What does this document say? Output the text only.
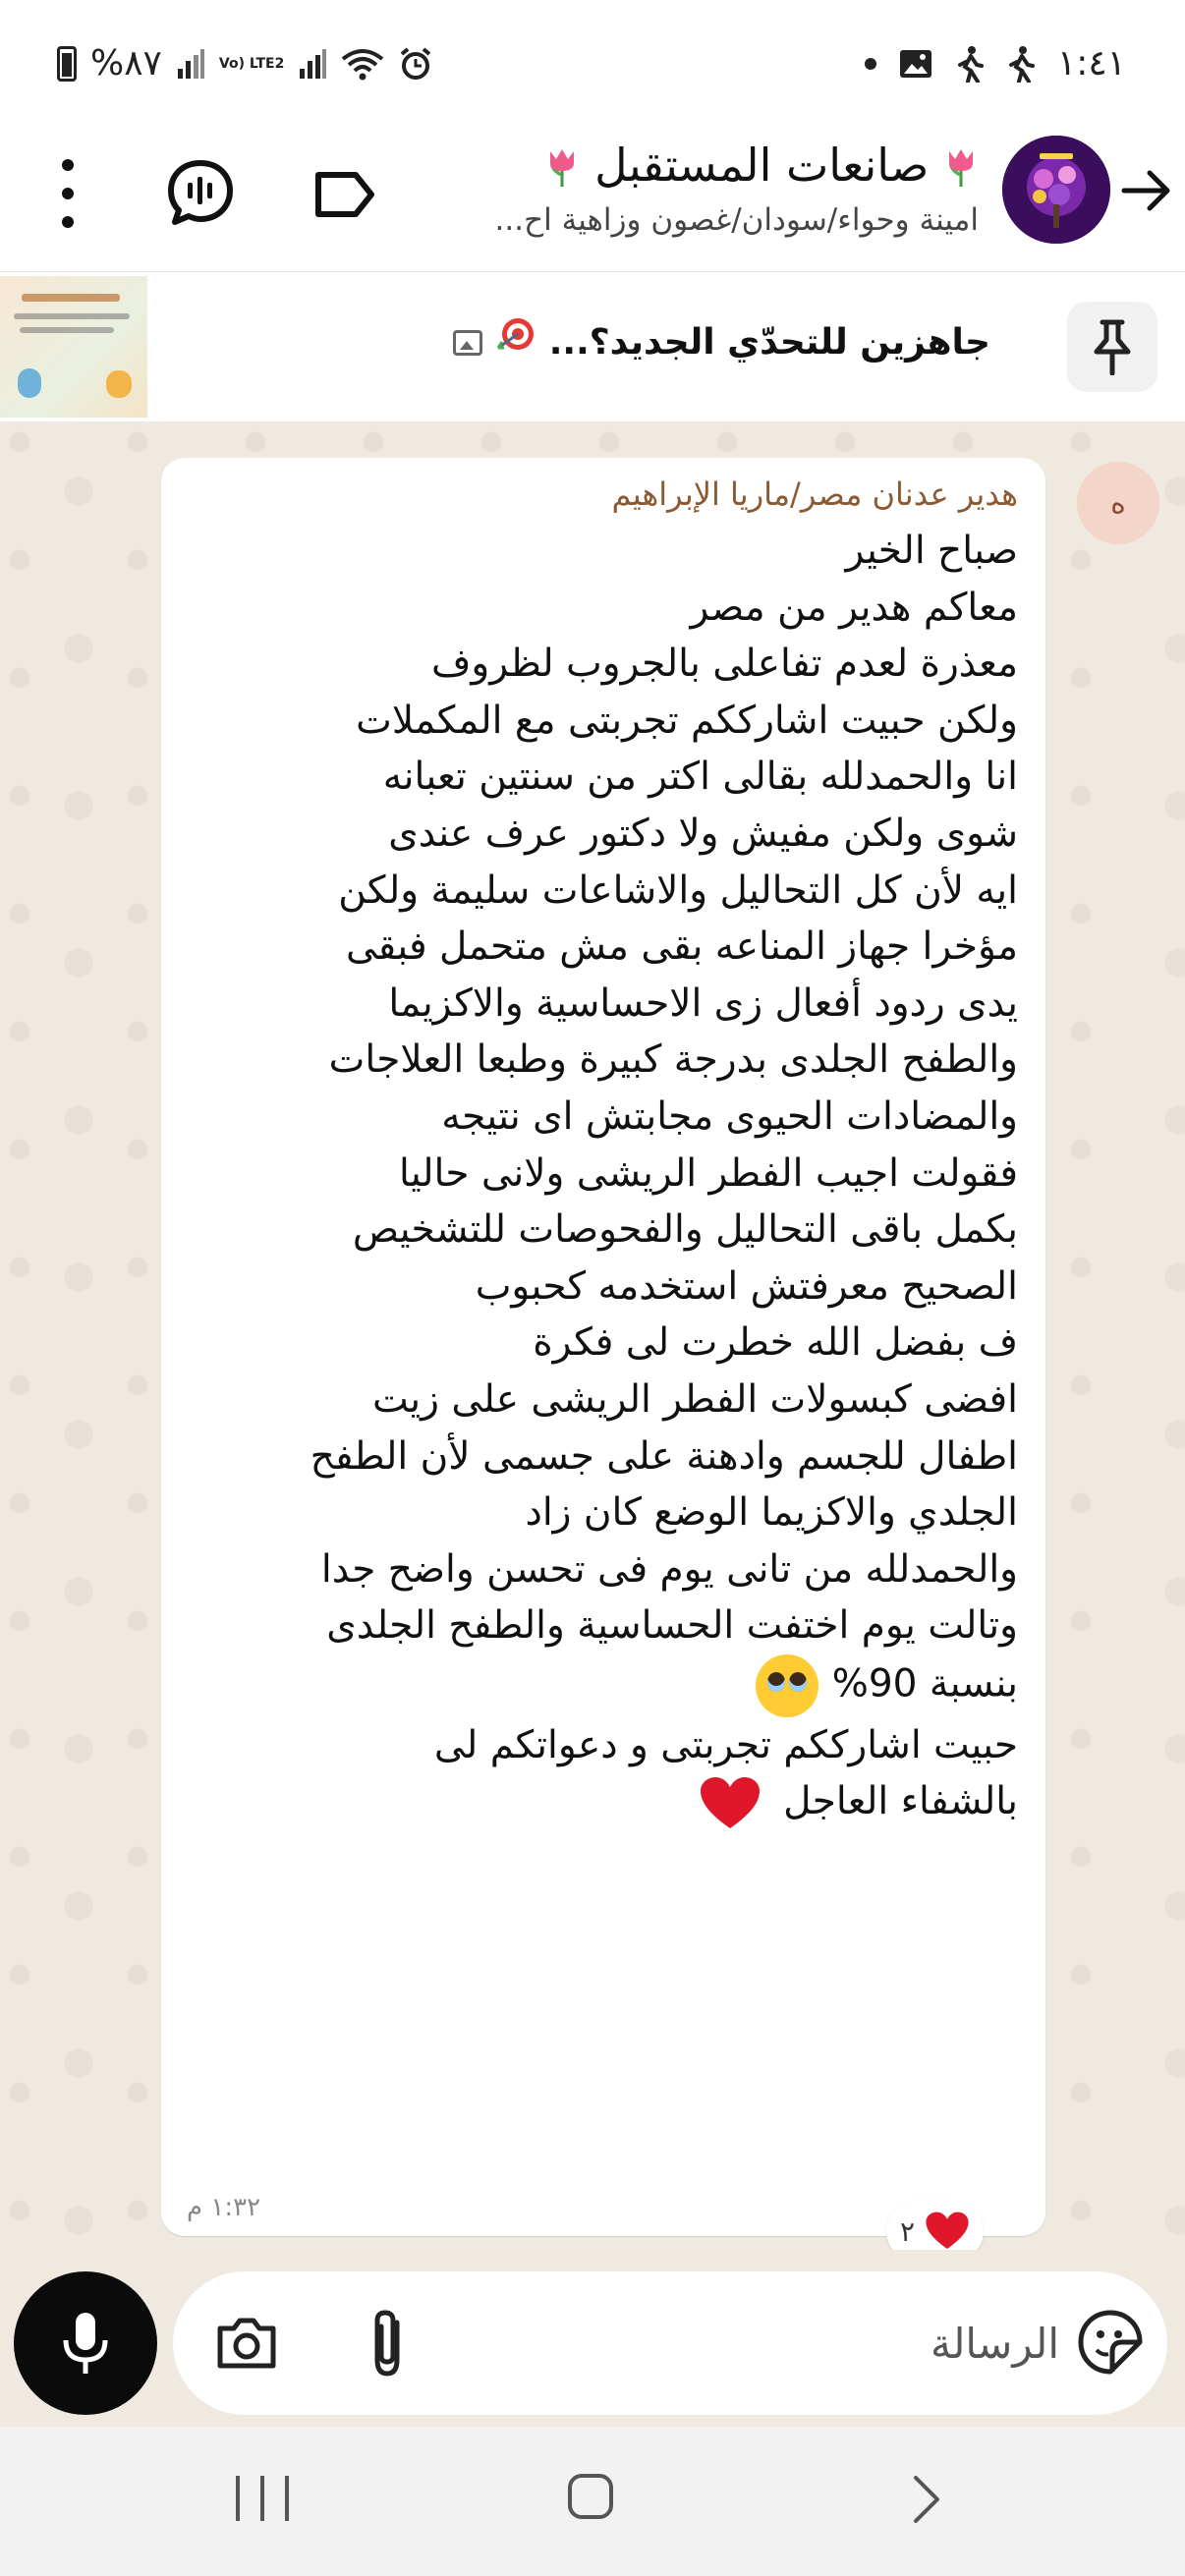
%٨٧	Vo) LTE2	١:٤١
صانعات المستقبل
امينة وحواء/سودان/غصون وزاهية اح...
جاهزين للتحدّي الجديد؟...
ه
هدير عدنان مصر/ماريا الإبراهيم
صباح الخير
معاكم هدير من مصر
معذرة لعدم تفاعلى بالجروب لظروف
ولكن حبيت اشارككم تجربتى مع المكملات
انا والحمدلله بقالى اكتر من سنتين تعبانه
شوى ولكن مفيش ولا دكتور عرف عندى
ايه لأن كل التحاليل والاشاعات سليمة ولكن
مؤخرا جهاز المناعه بقى مش متحمل فبقى
يدى ردود أفعال زى الاحساسية والاكزيما
والطفح الجلدى بدرجة كبيرة وطبعا العلاجات
والمضادات الحيوى مجابتش اى نتيجه
فقولت اجيب الفطر الريشى ولانى حاليا
بكمل باقى التحاليل والفحوصات للتشخيص
الصحيح معرفتش استخدمه كحبوب
ف بفضل الله خطرت لى فكرة
افضى كبسولات الفطر الريشى على زيت
اطفال للجسم وادهنة على جسمى لأن الطفح
الجلدي والاكزيما الوضع كان زاد
والحمدلله من تانى يوم فى تحسن واضح جدا
وتالت يوم اختفت الحساسية والطفح الجلدى
بنسبة 90%
حبيت اشارككم تجربتى و دعواتكم لى
بالشفاء العاجل
١:٣٢ م
٢
الرسالة
